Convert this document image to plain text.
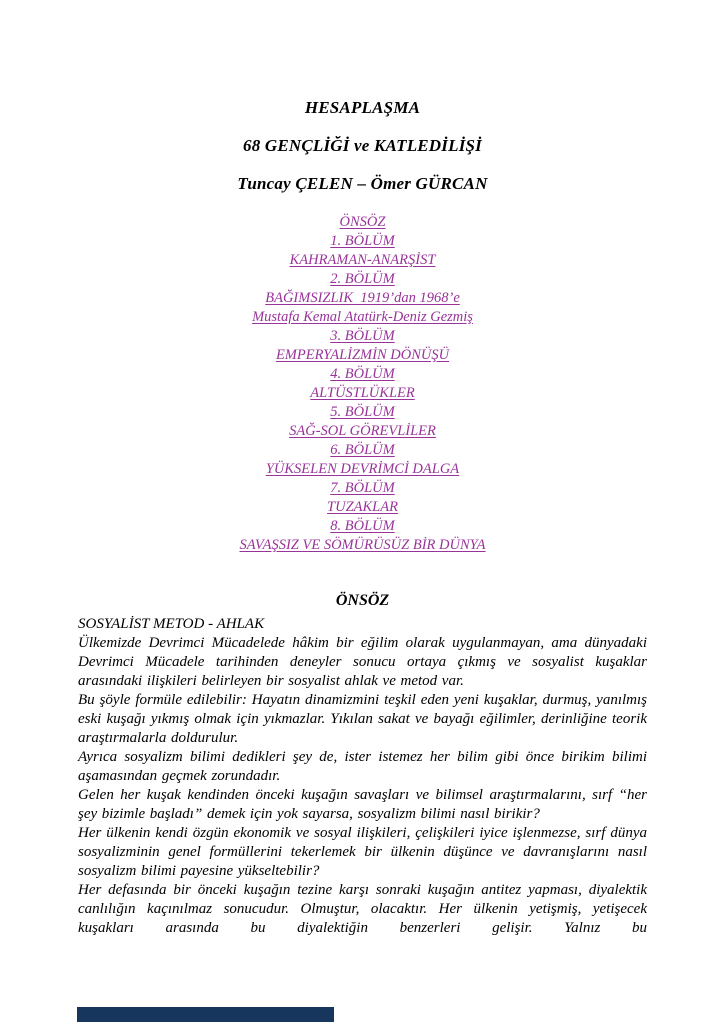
HESAPLAŞMA
68 GENÇLİĞİ ve KATLEDİLİŞİ
Tuncay ÇELEN – Ömer GÜRCAN
ÖNSÖZ
1. BÖLÜM
KAHRAMAN-ANARŞİST
2. BÖLÜM
BAĞIMSIZLIK  1919’dan 1968’e
Mustafa Kemal Atatürk-Deniz Gezmiş
3. BÖLÜM
EMPERYALİZMİN DÖNÜŞÜ
4. BÖLÜM
ALTÜSTLÜKLER
5. BÖLÜM
SAĞ-SOL GÖREVLİLER
6. BÖLÜM
YÜKSELEN DEVRİMCİ DALGA
7. BÖLÜM
TUZAKLAR
8. BÖLÜM
SAVAŞSIZ VE SÖMÜRÜSÜZ BİR DÜNYA
ÖNSÖZ

SOSYALİST METOD - AHLAK

Ülkemizde Devrimci Mücadelede hâkim bir eğilim olarak uygulanmayan, ama dünyadaki Devrimci Mücadele tarihinden deneyler sonucu ortaya çıkmış ve sosyalist kuşaklar arasındaki ilişkileri belirleyen bir sosyalist ahlak ve metod var.

Bu şöyle formüle edilebilir: Hayatın dinamizmini teşkil eden yeni kuşaklar, durmuş, yanılmış eski kuşağı yıkmış olmak için yıkmazlar. Yıkılan sakat ve bayağı eğilimler, derinliğine teorik araştırmalarla doldurulur.

Ayrıca sosyalizm bilimi dedikleri şey de, ister istemez her bilim gibi önce birikim bilimi aşamasından geçmek zorundadır.

Gelen her kuşak kendinden önceki kuşağın savaşları ve bilimsel araştırmalarını, sırf “her şey bizimle başladı” demek için yok sayarsa, sosyalizm bilimi nasıl birikir?

Her ülkenin kendi özgün ekonomik ve sosyal ilişkileri, çelişkileri iyice işlenmezse, sırf dünya sosyalizminin genel formüllerini tekerlemek bir ülkenin düşünce ve davranışlarını nasıl sosyalizm bilimi payesine yükseltebilir?

Her defasında bir önceki kuşağın tezine karşı sonraki kuşağın antitez yapması, diyalektik canlılığın kaçınılmaz sonucudur. Olmuştur, olacaktır. Her ülkenin yetişmiş, yetişecek kuşakları arasında bu diyalektiğin benzerleri gelişir. Yalnız bu
